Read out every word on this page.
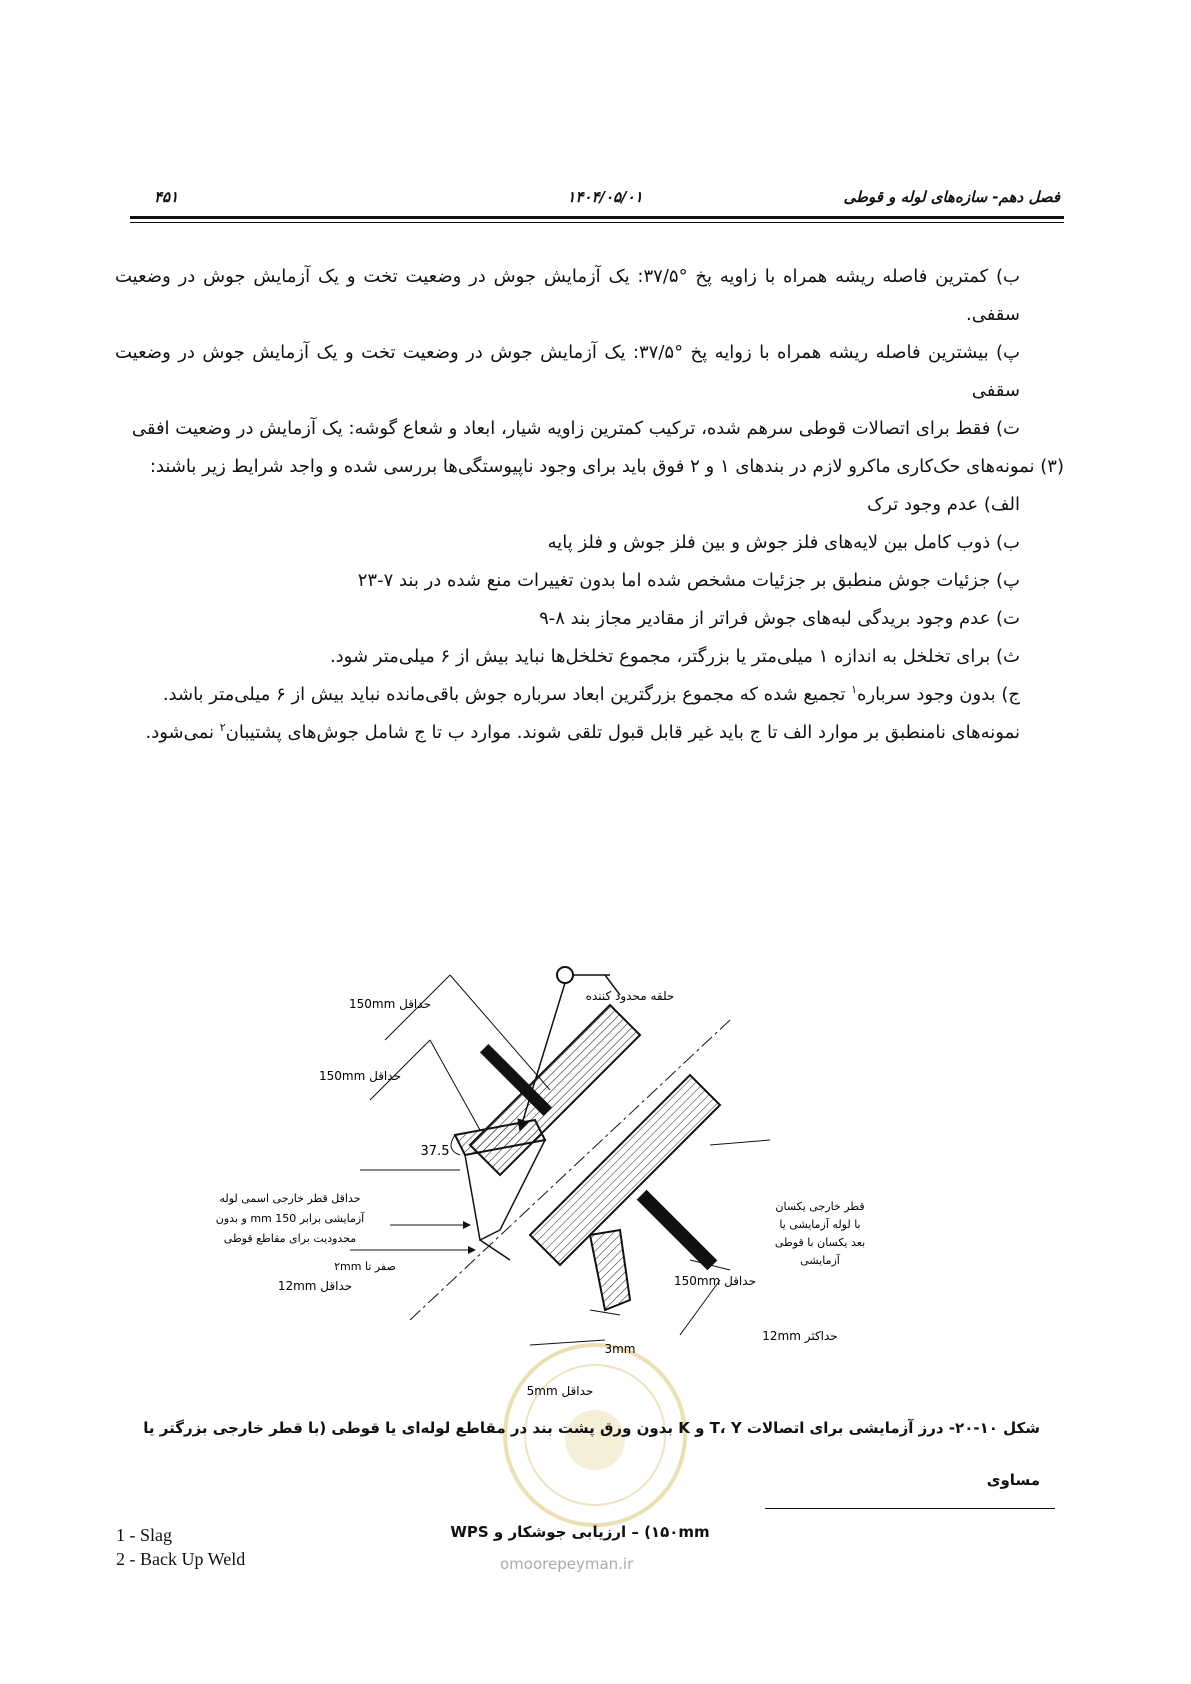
فصل دهم- سازه‌های لوله و قوطی
۱۴۰۴/۰۵/۰۱
۴۵۱

ب) کمترین فاصله ریشه همراه با زاویه پخ °۳۷/۵: یک آزمایش جوش در وضعیت تخت و یک آزمایش جوش در وضعیت سقفی.

پ) بیشترین فاصله ریشه همراه با زوایه پخ °۳۷/۵: یک آزمایش جوش در وضعیت تخت و یک آزمایش جوش در وضعیت سقفی

ت) فقط برای اتصالات قوطی سرهم شده، ترکیب کمترین زاویه شیار، ابعاد و شعاع گوشه: یک آزمایش در وضعیت افقی

(۳) نمونه‌های حک‌کاری ماکرو لازم در بندهای ۱ و ۲ فوق باید برای وجود ناپیوستگی‌ها بررسی شده و واجد شرایط زیر باشند:

الف) عدم وجود ترک

ب) ذوب کامل بین لایه‌های فلز جوش و بین فلز جوش و فلز پایه

پ) جزئیات جوش منطبق بر جزئیات مشخص شده اما بدون تغییرات منع شده در بند ۷-۲۳

ت) عدم وجود بریدگی لبه‌های جوش فراتر از مقادیر مجاز بند ۸-۹

ث) برای تخلخل به اندازه ۱ میلی‌متر یا بزرگتر، مجموع تخلخل‌ها نباید بیش از ۶ میلی‌متر شود.

ج) بدون وجود سرباره$^۱$ تجمیع شده که مجموع بزرگترین ابعاد سرباره جوش باقی‌مانده نباید بیش از ۶ میلی‌متر باشد.

نمونه‌های نامنطبق بر موارد الف تا ج باید غیر قابل قبول تلقی شوند. موارد ب تا ج شامل جوش‌های پشتیبان$^۲$ نمی‌شود.

حداقل 150mm
حلقه محدود کننده
حداقل 150mm
37.5
حداقل قطر خارجی اسمی لوله
آزمایشی برابر 150 mm و بدون
محدودیت برای مقاطع قوطی
صفر تا ۲mm
حداقل 12mm
قطر خارجی یکسان
با لوله آزمایشی یا
بعد یکسان با قوطی
آزمایشی
حداقل 150mm
حداکثر 12mm
3mm
حداقل 5mm
شکل ۱۰-۲۰- درز آزمایشی برای اتصالات T، Y و K بدون ورق پشت بند در مقاطع لوله‌ای یا قوطی (با قطر خارجی بزرگتر یا مساوی
۱۵۰mm) – ارزیابی جوشکار و WPS
1 - Slag
2 - Back Up Weld	omoorepeyman.ir
